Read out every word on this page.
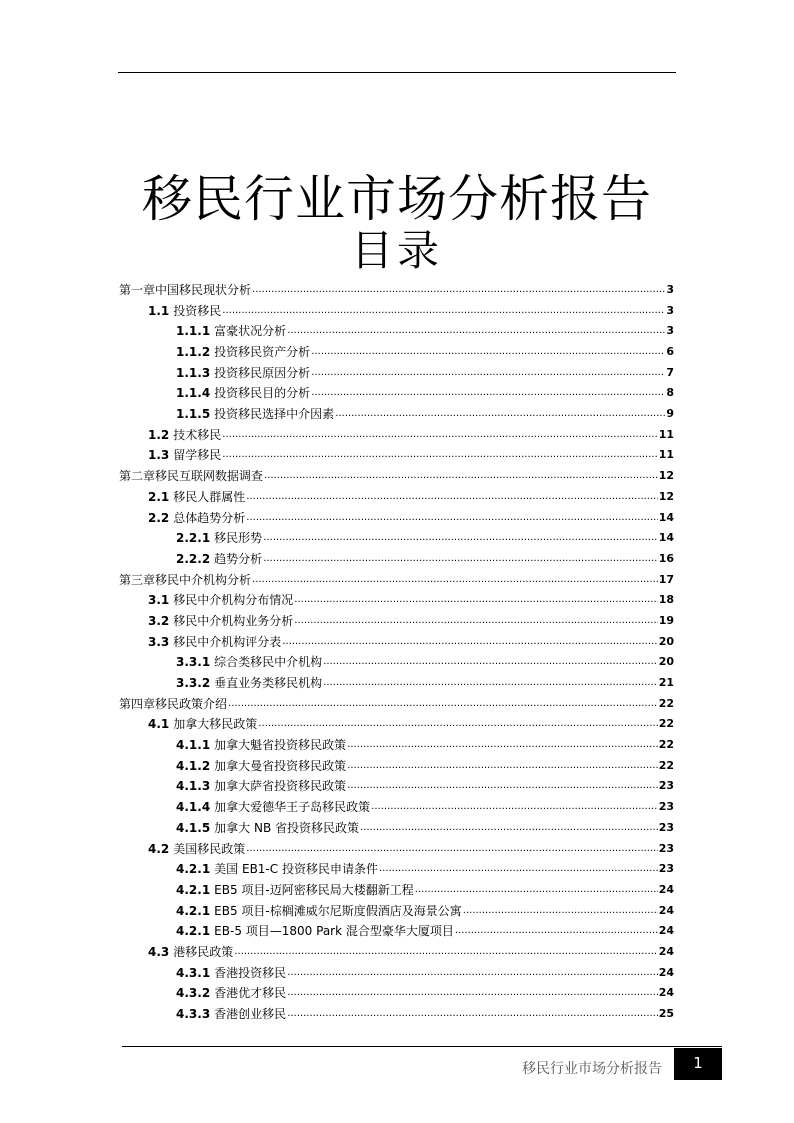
移民行业市场分析报告
目录
第一章中国移民现状分析 .....	3
1.1 投资移民 .....	3
1.1.1 富豪状况分析 .....	3
1.1.2 投资移民资产分析 .....	6
1.1.3 投资移民原因分析 .....	7
1.1.4 投资移民目的分析 .....	8
1.1.5 投资移民选择中介因素 .....	9
1.2 技术移民 .....	11
1.3 留学移民 .....	11
第二章移民互联网数据调查 .....	12
2.1 移民人群属性 .....	12
2.2 总体趋势分析 .....	14
2.2.1 移民形势 .....	14
2.2.2 趋势分析 .....	16
第三章移民中介机构分析 .....	17
3.1 移民中介机构分布情况 .....	18
3.2 移民中介机构业务分析 .....	19
3.3 移民中介机构评分表 .....	20
3.3.1 综合类移民中介机构 .....	20
3.3.2 垂直业务类移民机构 .....	21
第四章移民政策介绍 .....	22
4.1 加拿大移民政策 .....	22
4.1.1 加拿大魁省投资移民政策 .....	22
4.1.2 加拿大曼省投资移民政策 .....	22
4.1.3 加拿大萨省投资移民政策 .....	23
4.1.4 加拿大爱德华王子岛移民政策 .....	23
4.1.5 加拿大 NB 省投资移民政策 .....	23
4.2 美国移民政策 .....	23
4.2.1 美国 EB1-C 投资移民申请条件 .....	23
4.2.1 EB5 项目-迈阿密移民局大楼翻新工程 .....	24
4.2.1 EB5 项目-棕榈滩威尔尼斯度假酒店及海景公寓 .....	24
4.2.1 EB-5 项目—1800 Park 混合型豪华大厦项目 .....	24
4.3 港移民政策 .....	24
4.3.1 香港投资移民 .....	24
4.3.2 香港优才移民 .....	24
4.3.3 香港创业移民 .....	25
移民行业市场分析报告	1
